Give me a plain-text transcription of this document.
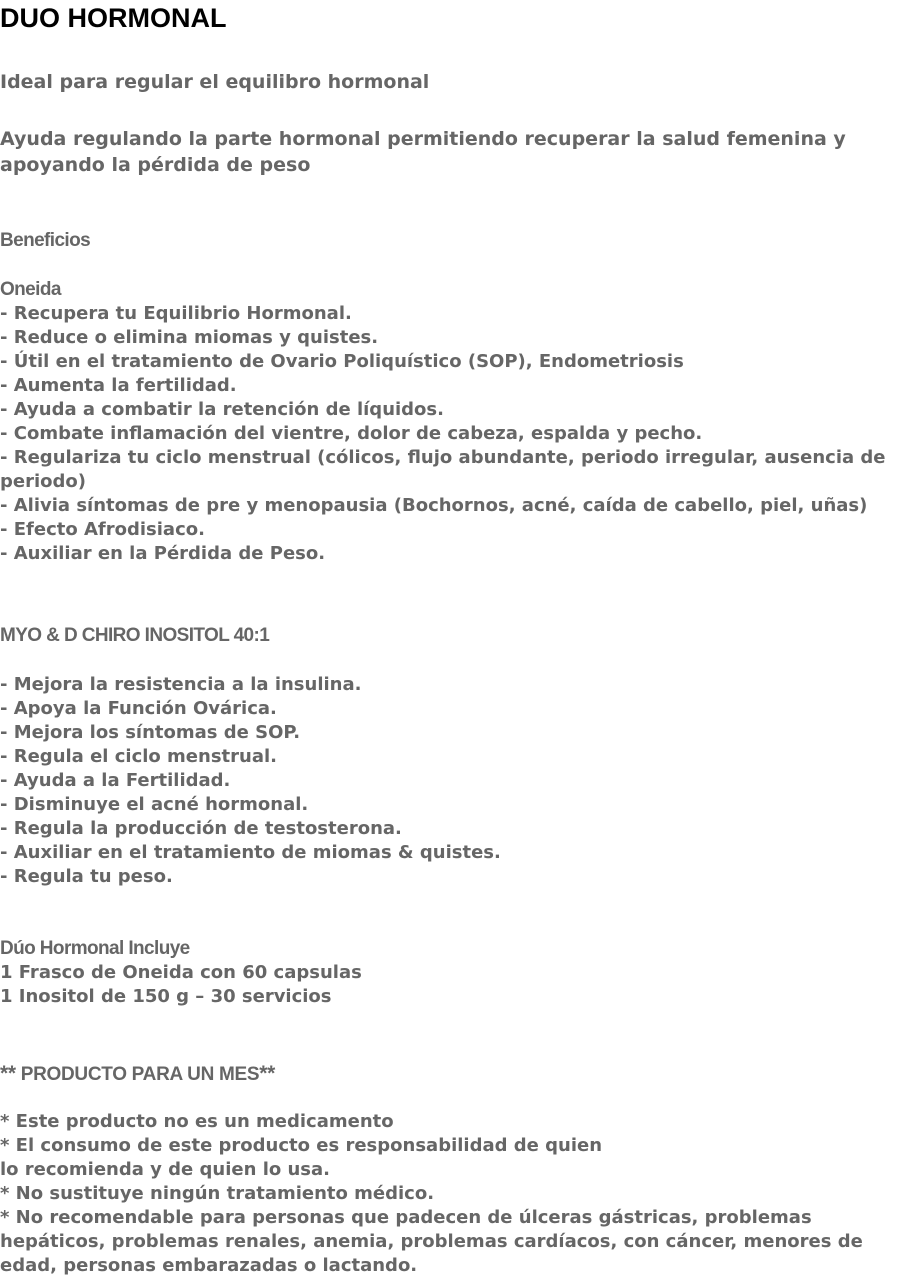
DUO HORMONAL

Ideal para regular el equilibro hormonal

Ayuda regulando la parte hormonal permitiendo recuperar la salud femenina y apoyando la pérdida de peso

Beneficios
Oneida
- Recupera tu Equilibrio Hormonal.
- Reduce o elimina miomas y quistes.
- Útil en el tratamiento de Ovario Poliquístico (SOP), Endometriosis
- Aumenta la fertilidad.
- Ayuda a combatir la retención de líquidos.
- Combate inflamación del vientre, dolor de cabeza, espalda y pecho.
- Regulariza tu ciclo menstrual (cólicos, flujo abundante, periodo irregular, ausencia de periodo)
- Alivia síntomas de pre y menopausia (Bochornos, acné, caída de cabello, piel, uñas)
- Efecto Afrodisiaco.
- Auxiliar en la Pérdida de Peso.
MYO & D CHIRO INOSITOL 40:1
- Mejora la resistencia a la insulina.
- Apoya la Función Ovárica.
- Mejora los síntomas de SOP.
- Regula el ciclo menstrual.
- Ayuda a la Fertilidad.
- Disminuye el acné hormonal.
- Regula la producción de testosterona.
- Auxiliar en el tratamiento de miomas & quistes.
- Regula tu peso.
Dúo Hormonal Incluye
1 Frasco de Oneida con 60 capsulas
1 Inositol de 150 g – 30 servicios

** PRODUCTO PARA UN MES**

* Este producto no es un medicamento
* El consumo de este producto es responsabilidad de quien
lo recomienda y de quien lo usa.
* No sustituye ningún tratamiento médico.
* No recomendable para personas que padecen de úlceras gástricas, problemas hepáticos, problemas renales, anemia, problemas cardíacos, con cáncer, menores de edad, personas embarazadas o lactando.
